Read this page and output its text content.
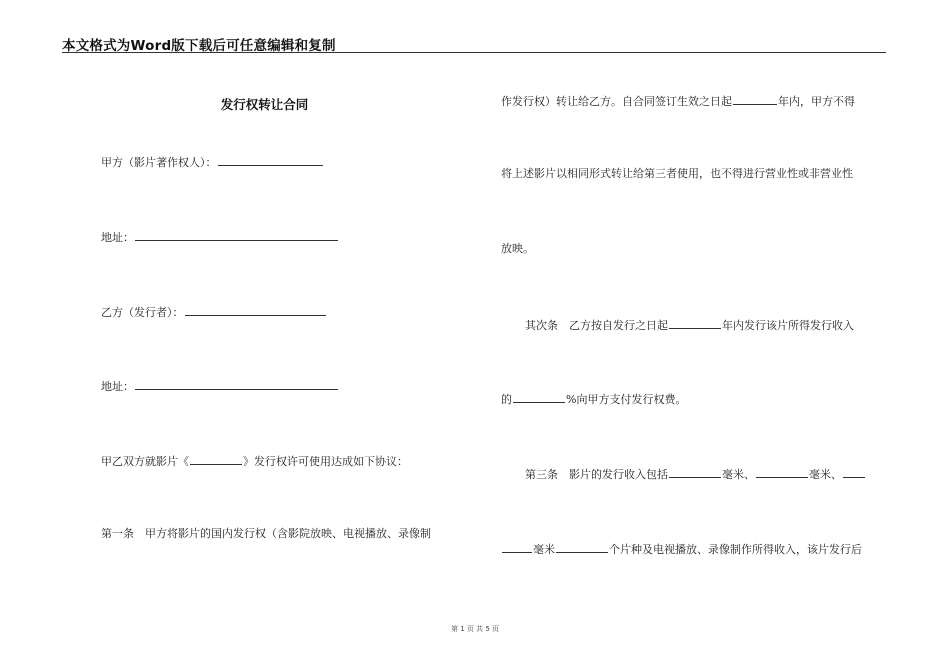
本文格式为Word版下载后可任意编辑和复制
发行权转让合同
甲方（影片著作权人）：
地址：
乙方（发行者）：
地址：
甲乙双方就影片《	》发行权许可使用达成如下协议：
第一条　甲方将影片的国内发行权（含影院放映、电视播放、录像制
作发行权）转让给乙方。自合同签订生效之日起	年内，甲方不得
将上述影片以相同形式转让给第三者使用，也不得进行营业性或非营业性
放映。
其次条　乙方按自发行之日起	年内发行该片所得发行收入
的	%向甲方支付发行权费。
第三条　影片的发行收入包括	毫米、	毫米、
毫米	个片种及电视播放、录像制作所得收入，该片发行后
第 1 页 共 5 页
